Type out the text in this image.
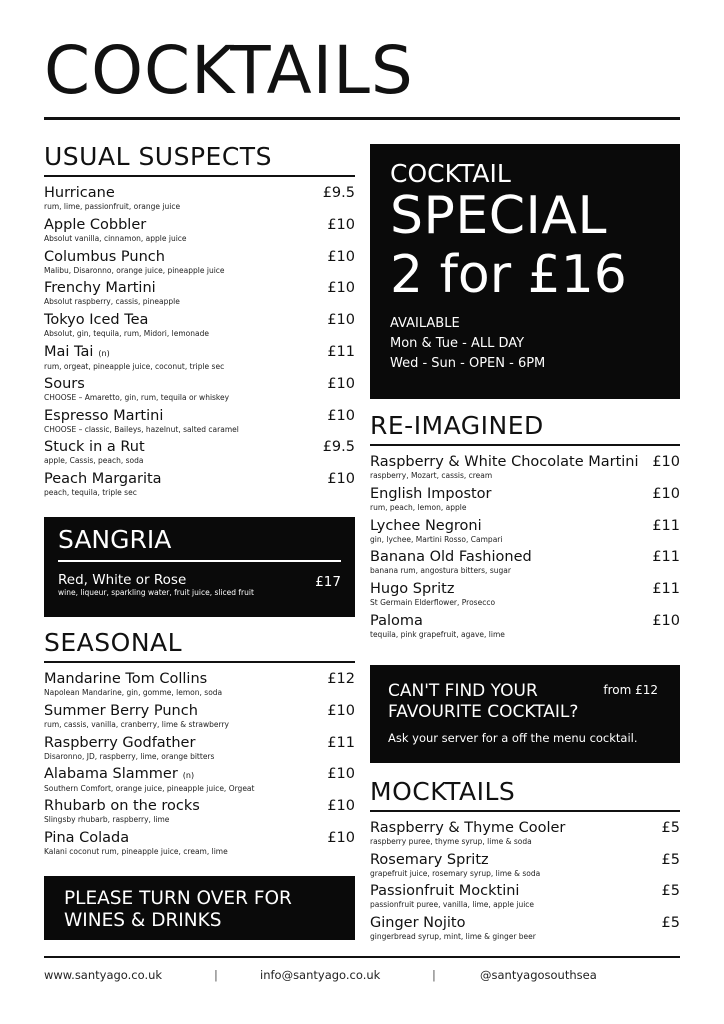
COCKTAILS
USUAL SUSPECTS
Hurricane	£9.5
rum, lime, passionfruit, orange juice
Apple Cobbler	£10
Absolut vanilla, cinnamon, apple juice
Columbus Punch	£10
Malibu, Disaronno, orange juice, pineapple juice
Frenchy Martini	£10
Absolut raspberry, cassis, pineapple
Tokyo Iced Tea	£10
Absolut, gin, tequila, rum, Midori, lemonade
Mai Tai (n)	£11
rum, orgeat, pineapple juice, coconut, triple sec
Sours	£10
CHOOSE – Amaretto, gin, rum, tequila or whiskey
Espresso Martini	£10
CHOOSE – classic, Baileys, hazelnut, salted caramel
Stuck in a Rut	£9.5
apple, Cassis, peach, soda
Peach Margarita	£10
peach, tequila, triple sec
SANGRIA
Red, White or Rose	£17
wine, liqueur, sparkling water, fruit juice, sliced fruit
SEASONAL
Mandarine Tom Collins	£12
Napolean Mandarine, gin, gomme, lemon, soda
Summer Berry Punch	£10
rum, cassis, vanilla, cranberry, lime & strawberry
Raspberry Godfather	£11
Disaronno, JD, raspberry, lime, orange bitters
Alabama Slammer (n)	£10
Southern Comfort, orange juice, pineapple juice, Orgeat
Rhubarb on the rocks	£10
Slingsby rhubarb, raspberry, lime
Pina Colada	£10
Kalani coconut rum, pineapple juice, cream, lime
PLEASE TURN OVER FOR
WINES & DRINKS
COCKTAIL
SPECIAL
2 for £16
AVAILABLE
Mon & Tue - ALL DAY
Wed - Sun - OPEN - 6PM
RE-IMAGINED
Raspberry & White Chocolate Martini £10
raspberry, Mozart, cassis, cream
English Impostor	£10
rum, peach, lemon, apple
Lychee Negroni	£11
gin, lychee, Martini Rosso, Campari
Banana Old Fashioned	£11
banana rum, angostura bitters, sugar
Hugo Spritz	£11
St Germain Elderflower, Prosecco
Paloma	£10
tequila, pink grapefruit, agave, lime
CAN'T FIND YOUR
FAVOURITE COCKTAIL?
from £12
Ask your server for a off the menu cocktail.
MOCKTAILS
Raspberry & Thyme Cooler	£5
raspberry puree, thyme syrup, lime & soda
Rosemary Spritz	£5
grapefruit juice, rosemary syrup, lime & soda
Passionfruit Mocktini	£5
passionfruit puree, vanilla, lime, apple juice
Ginger Nojito	£5
gingerbread syrup, mint, lime & ginger beer
www.santyago.co.uk	|	info@santyago.co.uk	|	@santyagosouthsea
